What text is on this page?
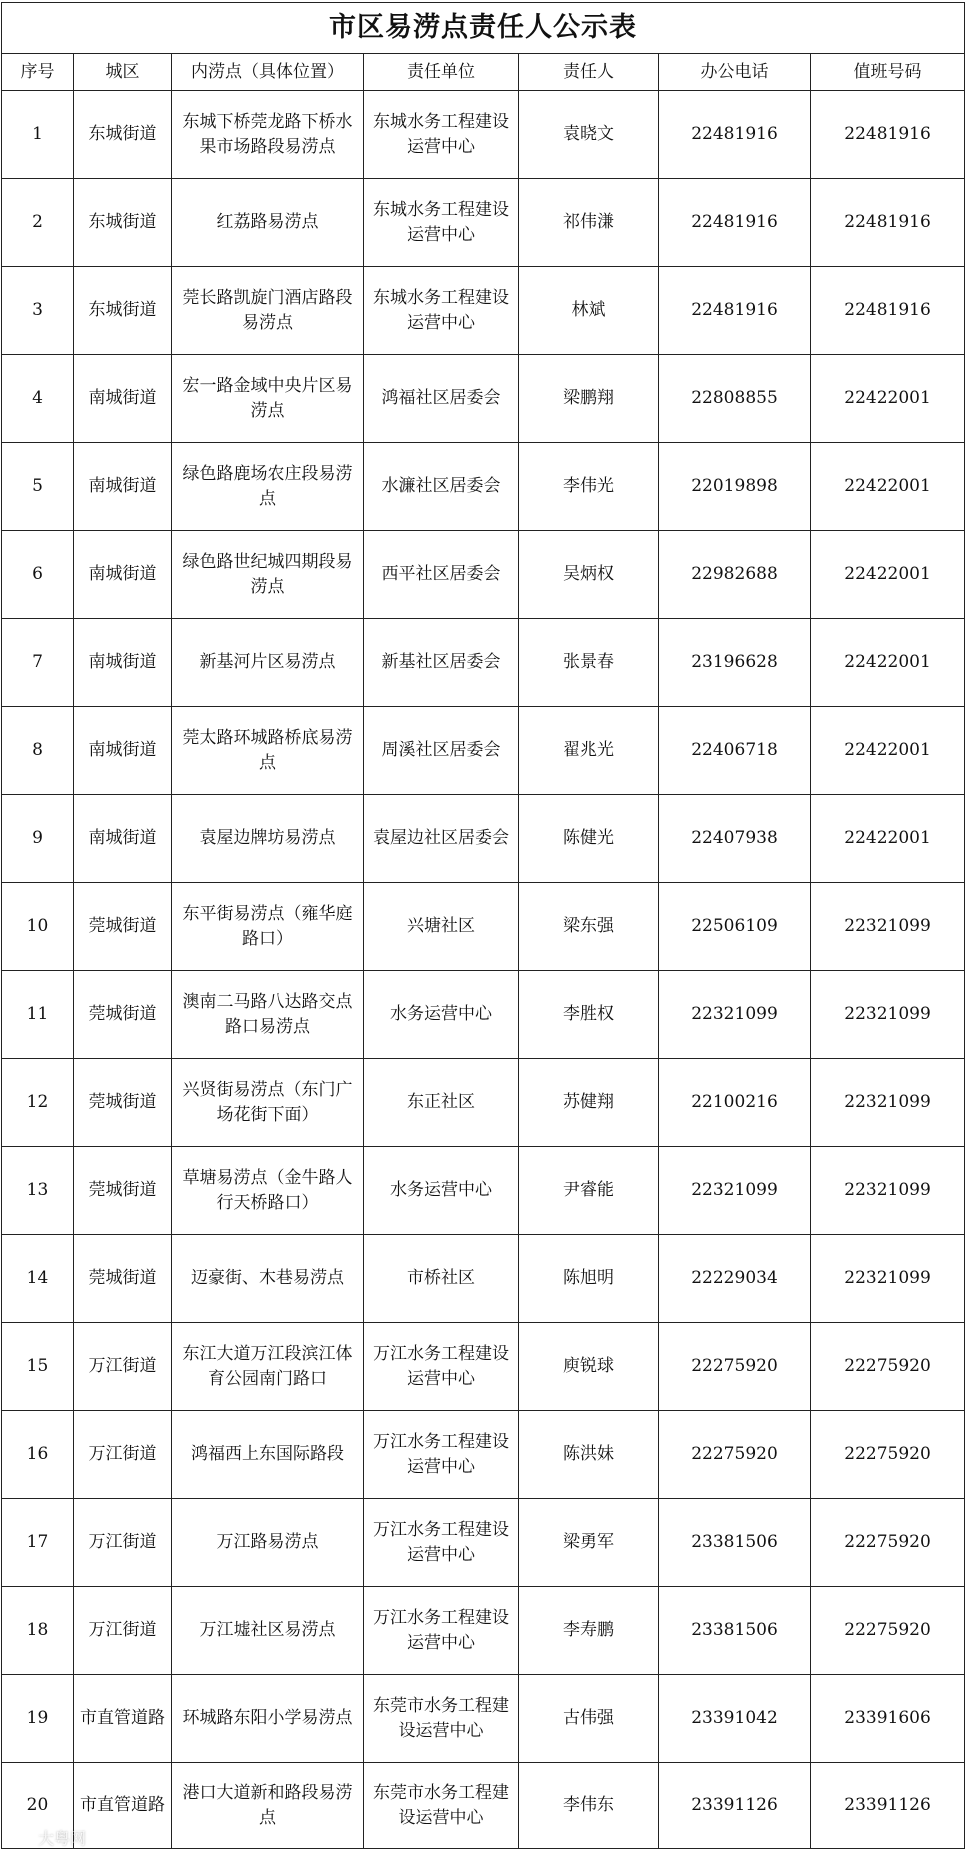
市区易涝点责任人公示表						
序号	城区	内涝点（具体位置）	责任单位	责任人	办公电话	值班号码
1	东城街道	东城下桥莞龙路下桥水果市场路段易涝点	东城水务工程建设运营中心	袁晓文	22481916	22481916
2	东城街道	红荔路易涝点	东城水务工程建设运营中心	祁伟溓	22481916	22481916
3	东城街道	莞长路凯旋门酒店路段易涝点	东城水务工程建设运营中心	林斌	22481916	22481916
4	南城街道	宏一路金域中央片区易涝点	鸿福社区居委会	梁鹏翔	22808855	22422001
5	南城街道	绿色路鹿场农庄段易涝点	水濂社区居委会	李伟光	22019898	22422001
6	南城街道	绿色路世纪城四期段易涝点	西平社区居委会	吴炳权	22982688	22422001
7	南城街道	新基河片区易涝点	新基社区居委会	张景春	23196628	22422001
8	南城街道	莞太路环城路桥底易涝点	周溪社区居委会	翟兆光	22406718	22422001
9	南城街道	袁屋边牌坊易涝点	袁屋边社区居委会	陈健光	22407938	22422001
10	莞城街道	东平街易涝点（雍华庭路口）	兴塘社区	梁东强	22506109	22321099
11	莞城街道	澳南二马路八达路交点路口易涝点	水务运营中心	李胜权	22321099	22321099
12	莞城街道	兴贤街易涝点（东门广场花街下面）	东正社区	苏健翔	22100216	22321099
13	莞城街道	草塘易涝点（金牛路人行天桥路口）	水务运营中心	尹睿能	22321099	22321099
14	莞城街道	迈豪街、木巷易涝点	市桥社区	陈旭明	22229034	22321099
15	万江街道	东江大道万江段滨江体育公园南门路口	万江水务工程建设运营中心	庾锐球	22275920	22275920
16	万江街道	鸿福西上东国际路段	万江水务工程建设运营中心	陈洪妹	22275920	22275920
17	万江街道	万江路易涝点	万江水务工程建设运营中心	梁勇军	23381506	22275920
18	万江街道	万江墟社区易涝点	万江水务工程建设运营中心	李寿鹏	23381506	22275920
19	市直管道路	环城路东阳小学易涝点	东莞市水务工程建设运营中心	古伟强	23391042	23391606
20	市直管道路	港口大道新和路段易涝点	东莞市水务工程建设运营中心	李伟东	23391126	23391126
大粤网
